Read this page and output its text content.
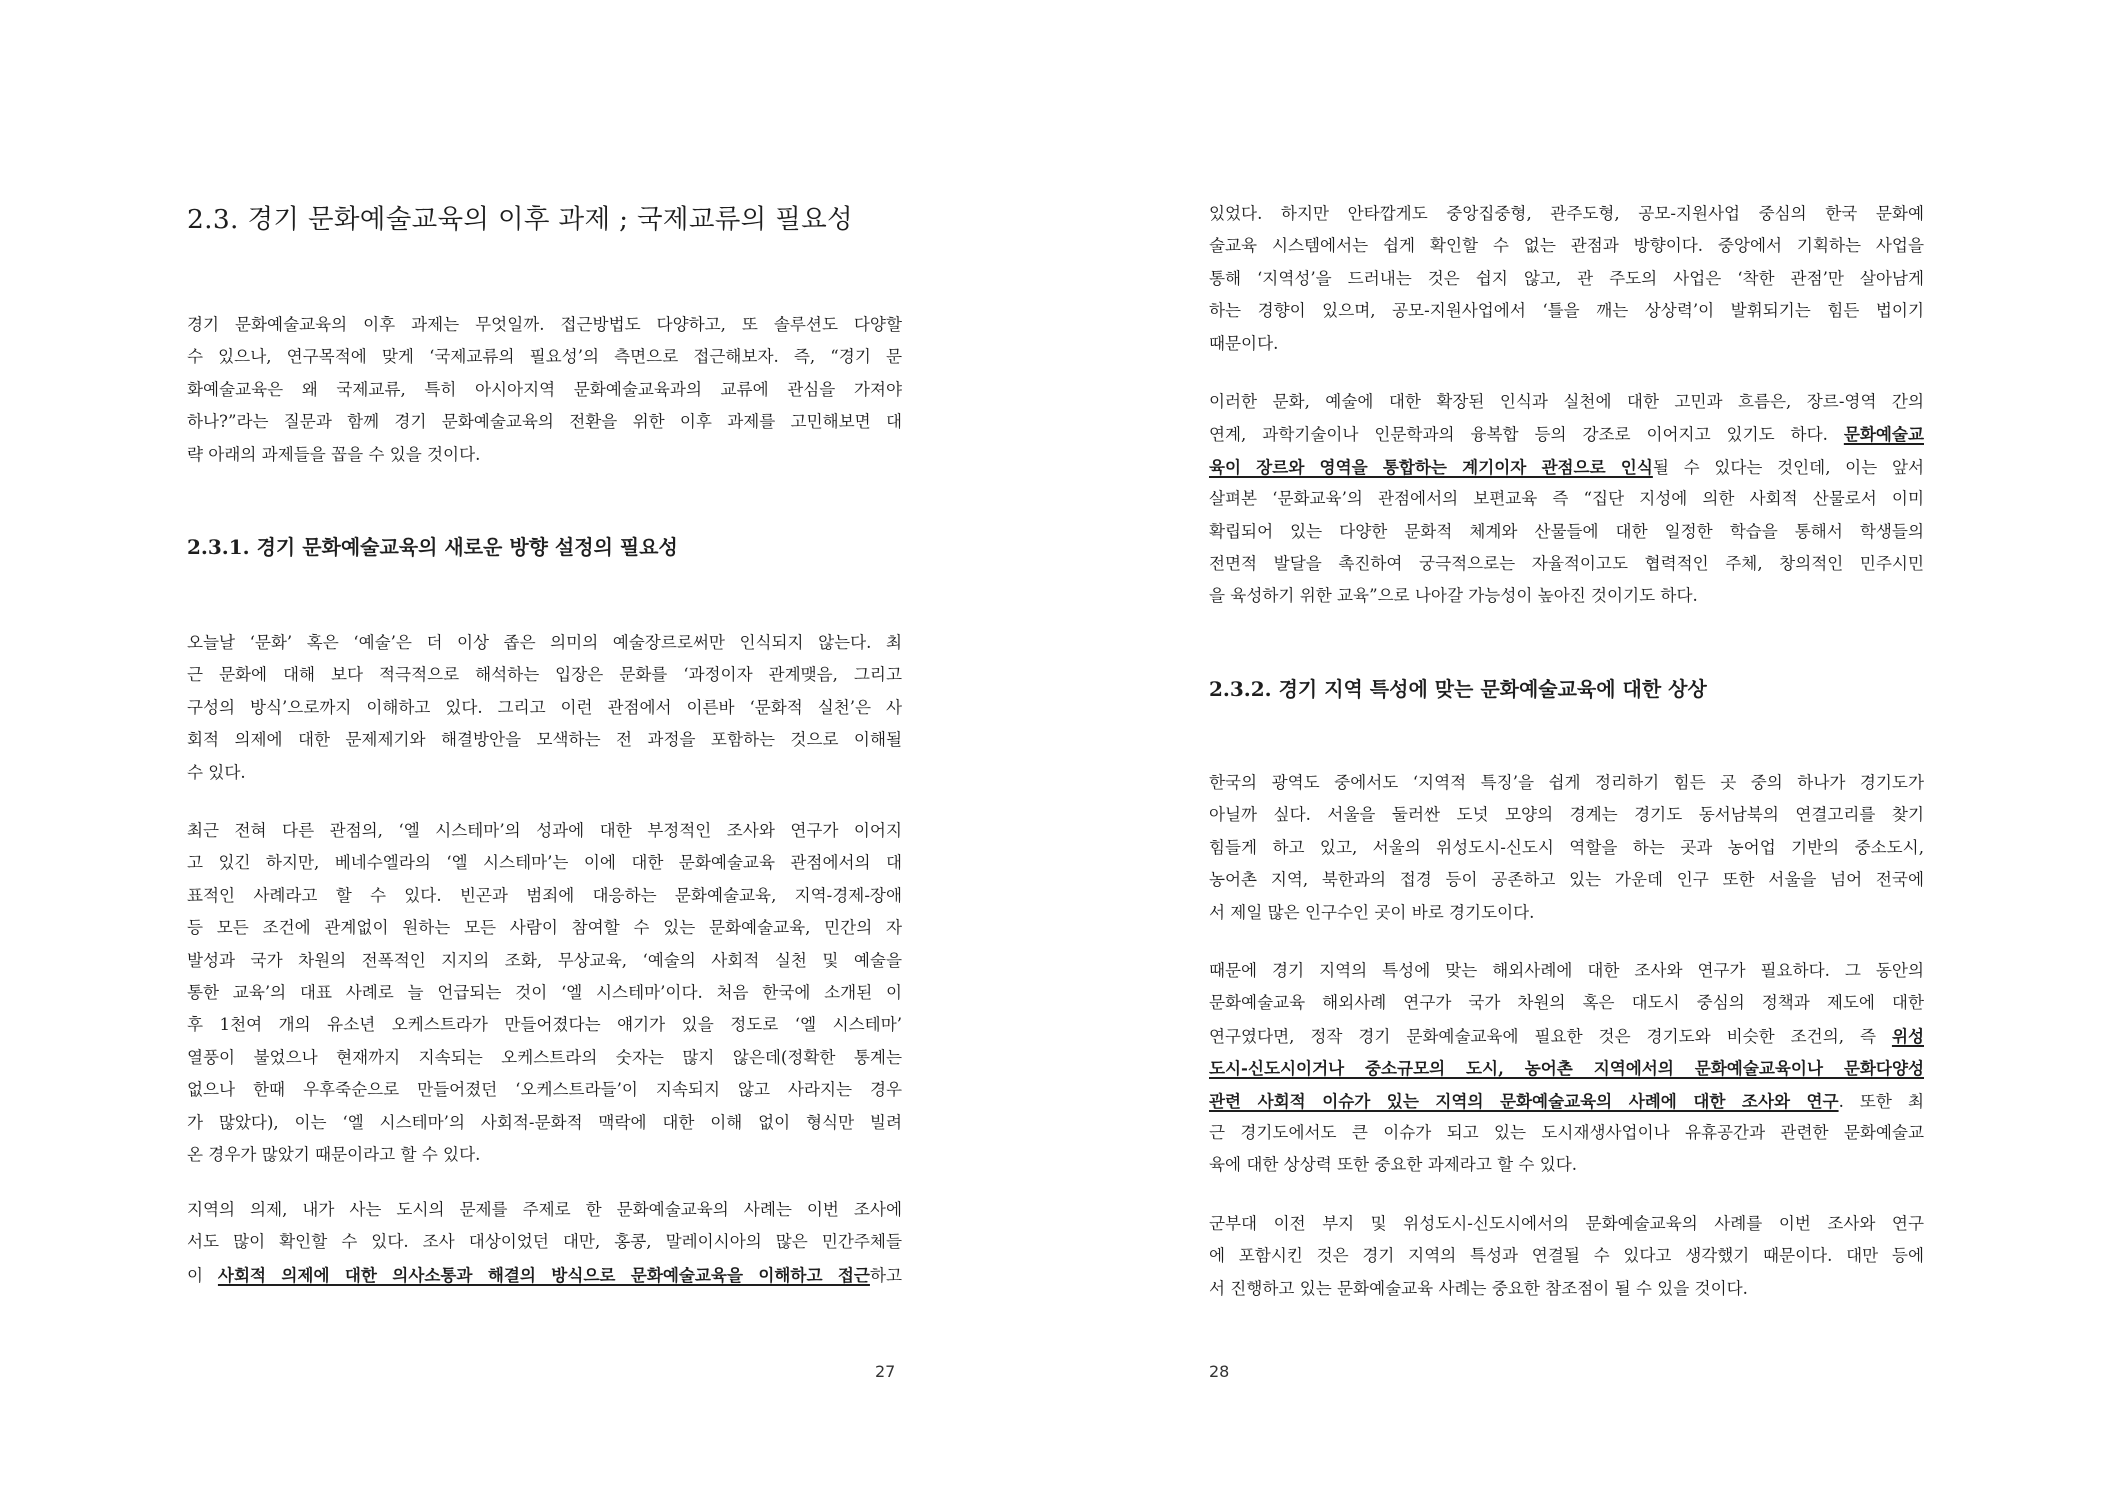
2.3. 경기 문화예술교육의 이후 과제 ; 국제교류의 필요성
경기 문화예술교육의 이후 과제는 무엇일까. 접근방법도 다양하고, 또 솔루션도 다양할
수 있으나, 연구목적에 맞게 ‘국제교류의 필요성’의 측면으로 접근해보자. 즉, “경기 문
화예술교육은 왜 국제교류, 특히 아시아지역 문화예술교육과의 교류에 관심을 가져야
하나?”라는 질문과 함께 경기 문화예술교육의 전환을 위한 이후 과제를 고민해보면 대
략 아래의 과제들을 꼽을 수 있을 것이다.
2.3.1. 경기 문화예술교육의 새로운 방향 설정의 필요성
오늘날 ‘문화’ 혹은 ‘예술’은 더 이상 좁은 의미의 예술장르로써만 인식되지 않는다. 최
근 문화에 대해 보다 적극적으로 해석하는 입장은 문화를 ‘과정이자 관계맺음, 그리고
구성의 방식’으로까지 이해하고 있다. 그리고 이런 관점에서 이른바 ‘문화적 실천’은 사
회적 의제에 대한 문제제기와 해결방안을 모색하는 전 과정을 포함하는 것으로 이해될
수 있다.
최근 전혀 다른 관점의, ‘엘 시스테마’의 성과에 대한 부정적인 조사와 연구가 이어지
고 있긴 하지만, 베네수엘라의 ‘엘 시스테마’는 이에 대한 문화예술교육 관점에서의 대
표적인 사례라고 할 수 있다. 빈곤과 범죄에 대응하는 문화예술교육, 지역-경제-장애
등 모든 조건에 관계없이 원하는 모든 사람이 참여할 수 있는 문화예술교육, 민간의 자
발성과 국가 차원의 전폭적인 지지의 조화, 무상교육, ‘예술의 사회적 실천 및 예술을
통한 교육’의 대표 사례로 늘 언급되는 것이 ‘엘 시스테마’이다. 처음 한국에 소개된 이
후 1천여 개의 유소년 오케스트라가 만들어졌다는 얘기가 있을 정도로 ‘엘 시스테마’
열풍이 불었으나 현재까지 지속되는 오케스트라의 숫자는 많지 않은데(정확한 통계는
없으나 한때 우후죽순으로 만들어졌던 ‘오케스트라들’이 지속되지 않고 사라지는 경우
가 많았다), 이는 ‘엘 시스테마’의 사회적-문화적 맥락에 대한 이해 없이 형식만 빌려
온 경우가 많았기 때문이라고 할 수 있다.
지역의 의제, 내가 사는 도시의 문제를 주제로 한 문화예술교육의 사례는 이번 조사에
서도 많이 확인할 수 있다. 조사 대상이었던 대만, 홍콩, 말레이시아의 많은 민간주체들
이 사회적 의제에 대한 의사소통과 해결의 방식으로 문화예술교육을 이해하고 접근하고

27

있었다. 하지만 안타깝게도 중앙집중형, 관주도형, 공모-지원사업 중심의 한국 문화예
술교육 시스템에서는 쉽게 확인할 수 없는 관점과 방향이다. 중앙에서 기획하는 사업을
통해 ‘지역성’을 드러내는 것은 쉽지 않고, 관 주도의 사업은 ‘착한 관점’만 살아남게
하는 경향이 있으며, 공모-지원사업에서 ‘틀을 깨는 상상력’이 발휘되기는 힘든 법이기
때문이다.
이러한 문화, 예술에 대한 확장된 인식과 실천에 대한 고민과 흐름은, 장르-영역 간의
연계, 과학기술이나 인문학과의 융복합 등의 강조로 이어지고 있기도 하다. 문화예술교
육이 장르와 영역을 통합하는 계기이자 관점으로 인식될 수 있다는 것인데, 이는 앞서
살펴본 ‘문화교육’의 관점에서의 보편교육 즉 “집단 지성에 의한 사회적 산물로서 이미
확립되어 있는 다양한 문화적 체계와 산물들에 대한 일정한 학습을 통해서 학생들의
전면적 발달을 촉진하여 궁극적으로는 자율적이고도 협력적인 주체, 창의적인 민주시민
을 육성하기 위한 교육”으로 나아갈 가능성이 높아진 것이기도 하다.
2.3.2. 경기 지역 특성에 맞는 문화예술교육에 대한 상상
한국의 광역도 중에서도 ‘지역적 특징’을 쉽게 정리하기 힘든 곳 중의 하나가 경기도가
아닐까 싶다. 서울을 둘러싼 도넛 모양의 경계는 경기도 동서남북의 연결고리를 찾기
힘들게 하고 있고, 서울의 위성도시-신도시 역할을 하는 곳과 농어업 기반의 중소도시,
농어촌 지역, 북한과의 접경 등이 공존하고 있는 가운데 인구 또한 서울을 넘어 전국에
서 제일 많은 인구수인 곳이 바로 경기도이다.
때문에 경기 지역의 특성에 맞는 해외사례에 대한 조사와 연구가 필요하다. 그 동안의
문화예술교육 해외사례 연구가 국가 차원의 혹은 대도시 중심의 정책과 제도에 대한
연구였다면, 정작 경기 문화예술교육에 필요한 것은 경기도와 비슷한 조건의, 즉 위성
도시-신도시이거나 중소규모의 도시, 농어촌 지역에서의 문화예술교육이나 문화다양성
관련 사회적 이슈가 있는 지역의 문화예술교육의 사례에 대한 조사와 연구. 또한 최
근 경기도에서도 큰 이슈가 되고 있는 도시재생사업이나 유휴공간과 관련한 문화예술교
육에 대한 상상력 또한 중요한 과제라고 할 수 있다.
군부대 이전 부지 및 위성도시-신도시에서의 문화예술교육의 사례를 이번 조사와 연구
에 포함시킨 것은 경기 지역의 특성과 연결될 수 있다고 생각했기 때문이다. 대만 등에
서 진행하고 있는 문화예술교육 사례는 중요한 참조점이 될 수 있을 것이다.

28
